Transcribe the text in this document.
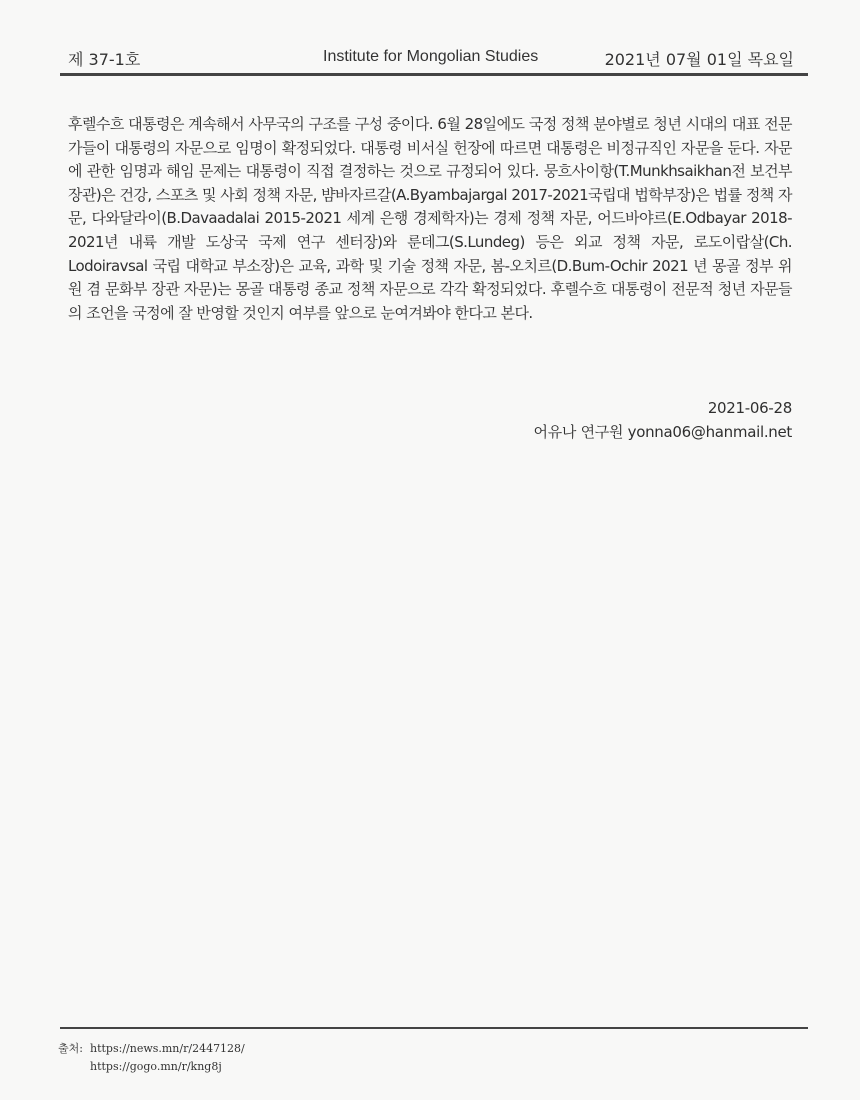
제 37-1호	Institute for Mongolian Studies	2021년 07월 01일 목요일

후렐수흐 대통령은 계속해서 사무국의 구조를 구성 중이다. 6월 28일에도 국정 정책 분야별로 청년 시대의 대표 전문가들이 대통령의 자문으로 임명이 확정되었다. 대통령 비서실 헌장에 따르면 대통령은 비정규직인 자문을 둔다. 자문에 관한 임명과 해임 문제는 대통령이 직접 결정하는 것으로 규정되어 있다. 뭉흐사이항(T.Munkhsaikhan전 보건부 장관)은 건강, 스포츠 및 사회 정책 자문, 뱜바자르갈(A.Byambajargal 2017-2021국립대 법학부장)은 법률 정책 자문, 다와달라이(B.Davaadalai 2015-2021 세계 은행 경제학자)는 경제 정책 자문, 어드바야르(E.Odbayar 2018-2021년 내륙 개발 도상국 국제 연구 센터장)와 룬데그(S.Lundeg) 등은 외교 정책 자문, 로도이랍살(Ch. Lodoiravsal 국립 대학교 부소장)은 교육, 과학 및 기술 정책 자문, 봄-오치르(D.Bum-Ochir 2021 년 몽골 정부 위원 겸 문화부 장관 자문)는 몽골 대통령 종교 정책 자문으로 각각 확정되었다. 후렐수흐 대통령이 전문적 청년 자문들의 조언을 국정에 잘 반영할 것인지 여부를 앞으로 눈여겨봐야 한다고 본다.

2021-06-28
어유나 연구원 yonna06@hanmail.net
출처: https://news.mn/r/2447128/
https://gogo.mn/r/kng8j
